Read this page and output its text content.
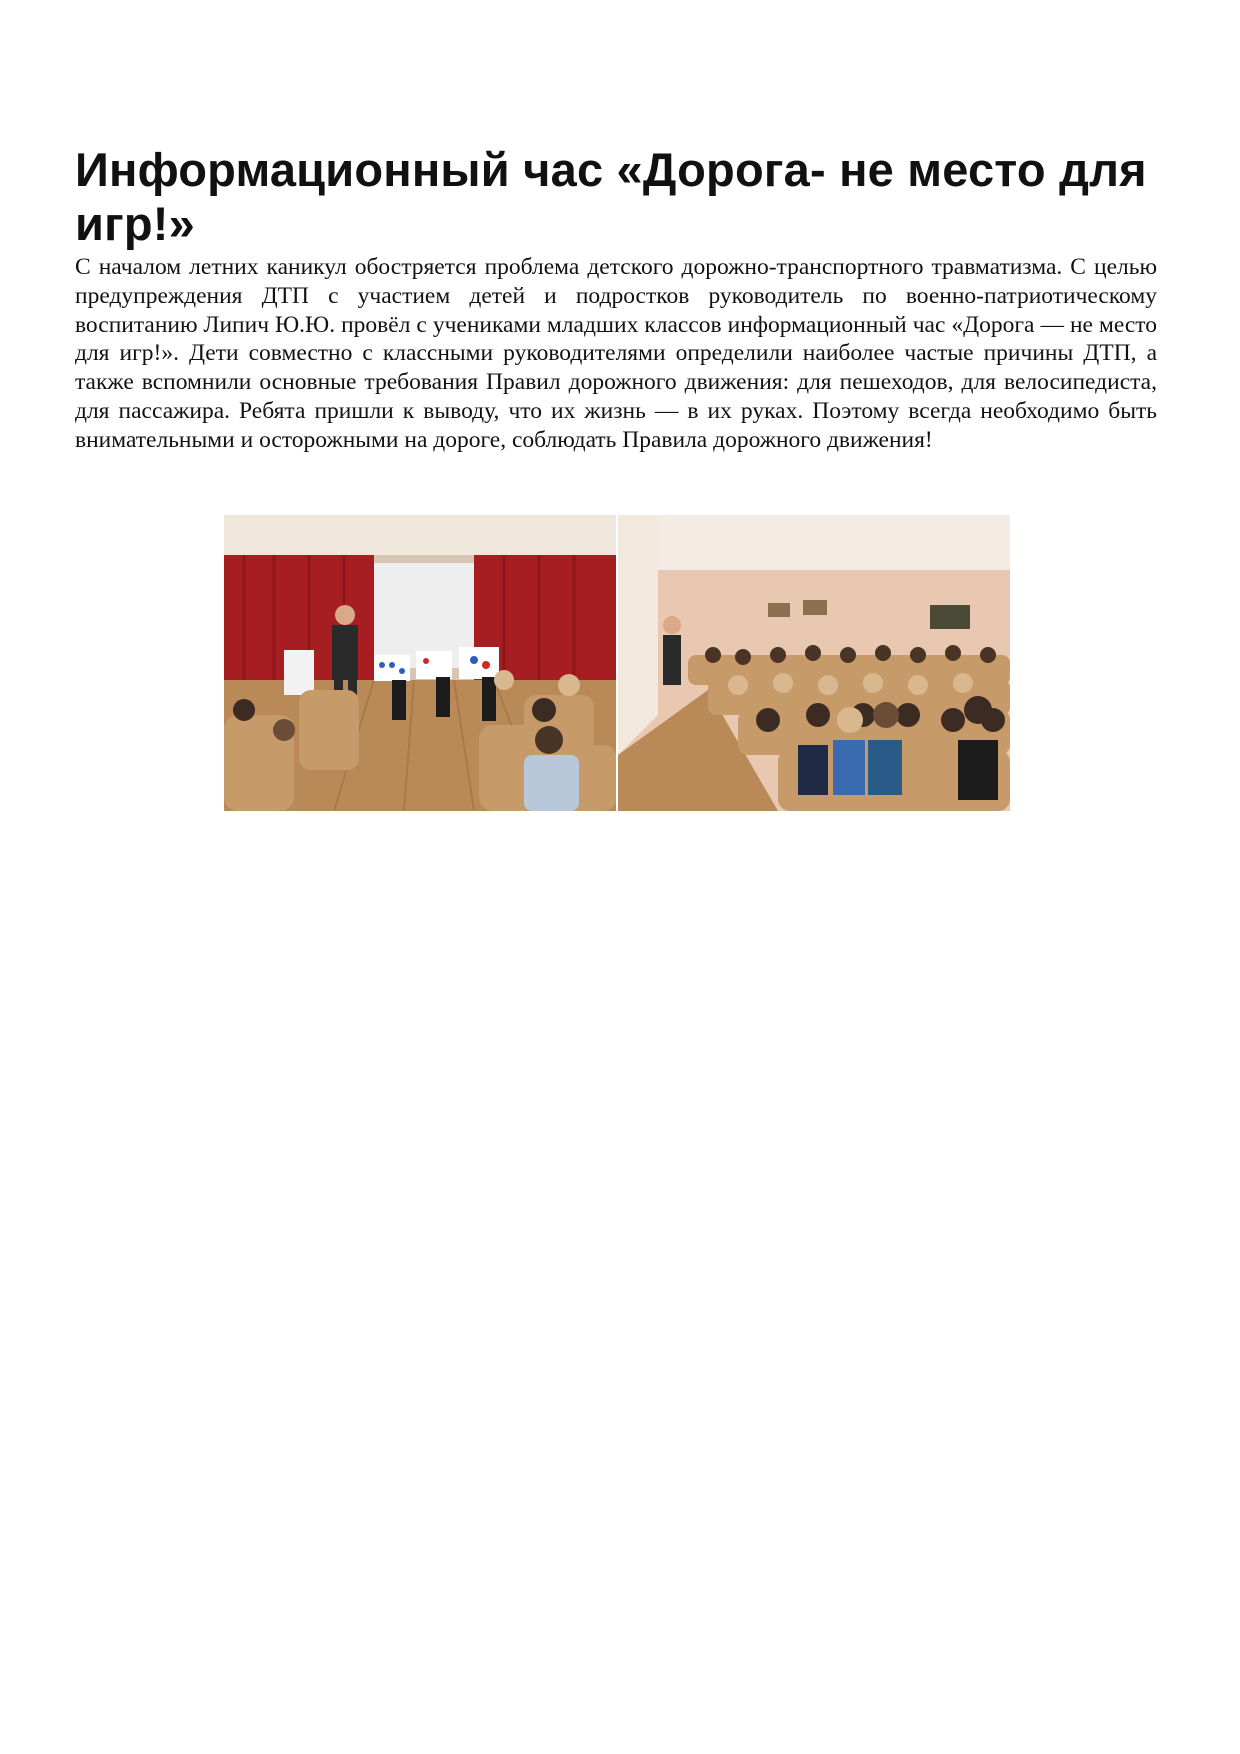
Информационный час «Дорога- не место для игр!»

С началом летних каникул обостряется проблема детского дорожно-транспортного травматизма. С целью предупреждения ДТП с участием детей и подростков руководитель по военно-патриотическому воспитанию Липич Ю.Ю. провёл с учениками младших классов информационный час «Дорога — не место для игр!». Дети совместно с классными руководителями определили наиболее частые причины ДТП, а также вспомнили основные требования Правил дорожного движения: для пешеходов, для велосипедиста, для пассажира. Ребята пришли к выводу, что их жизнь — в их руках. Поэтому всегда необходимо быть внимательными и осторожными на дороге, соблюдать Правила дорожного движения!
